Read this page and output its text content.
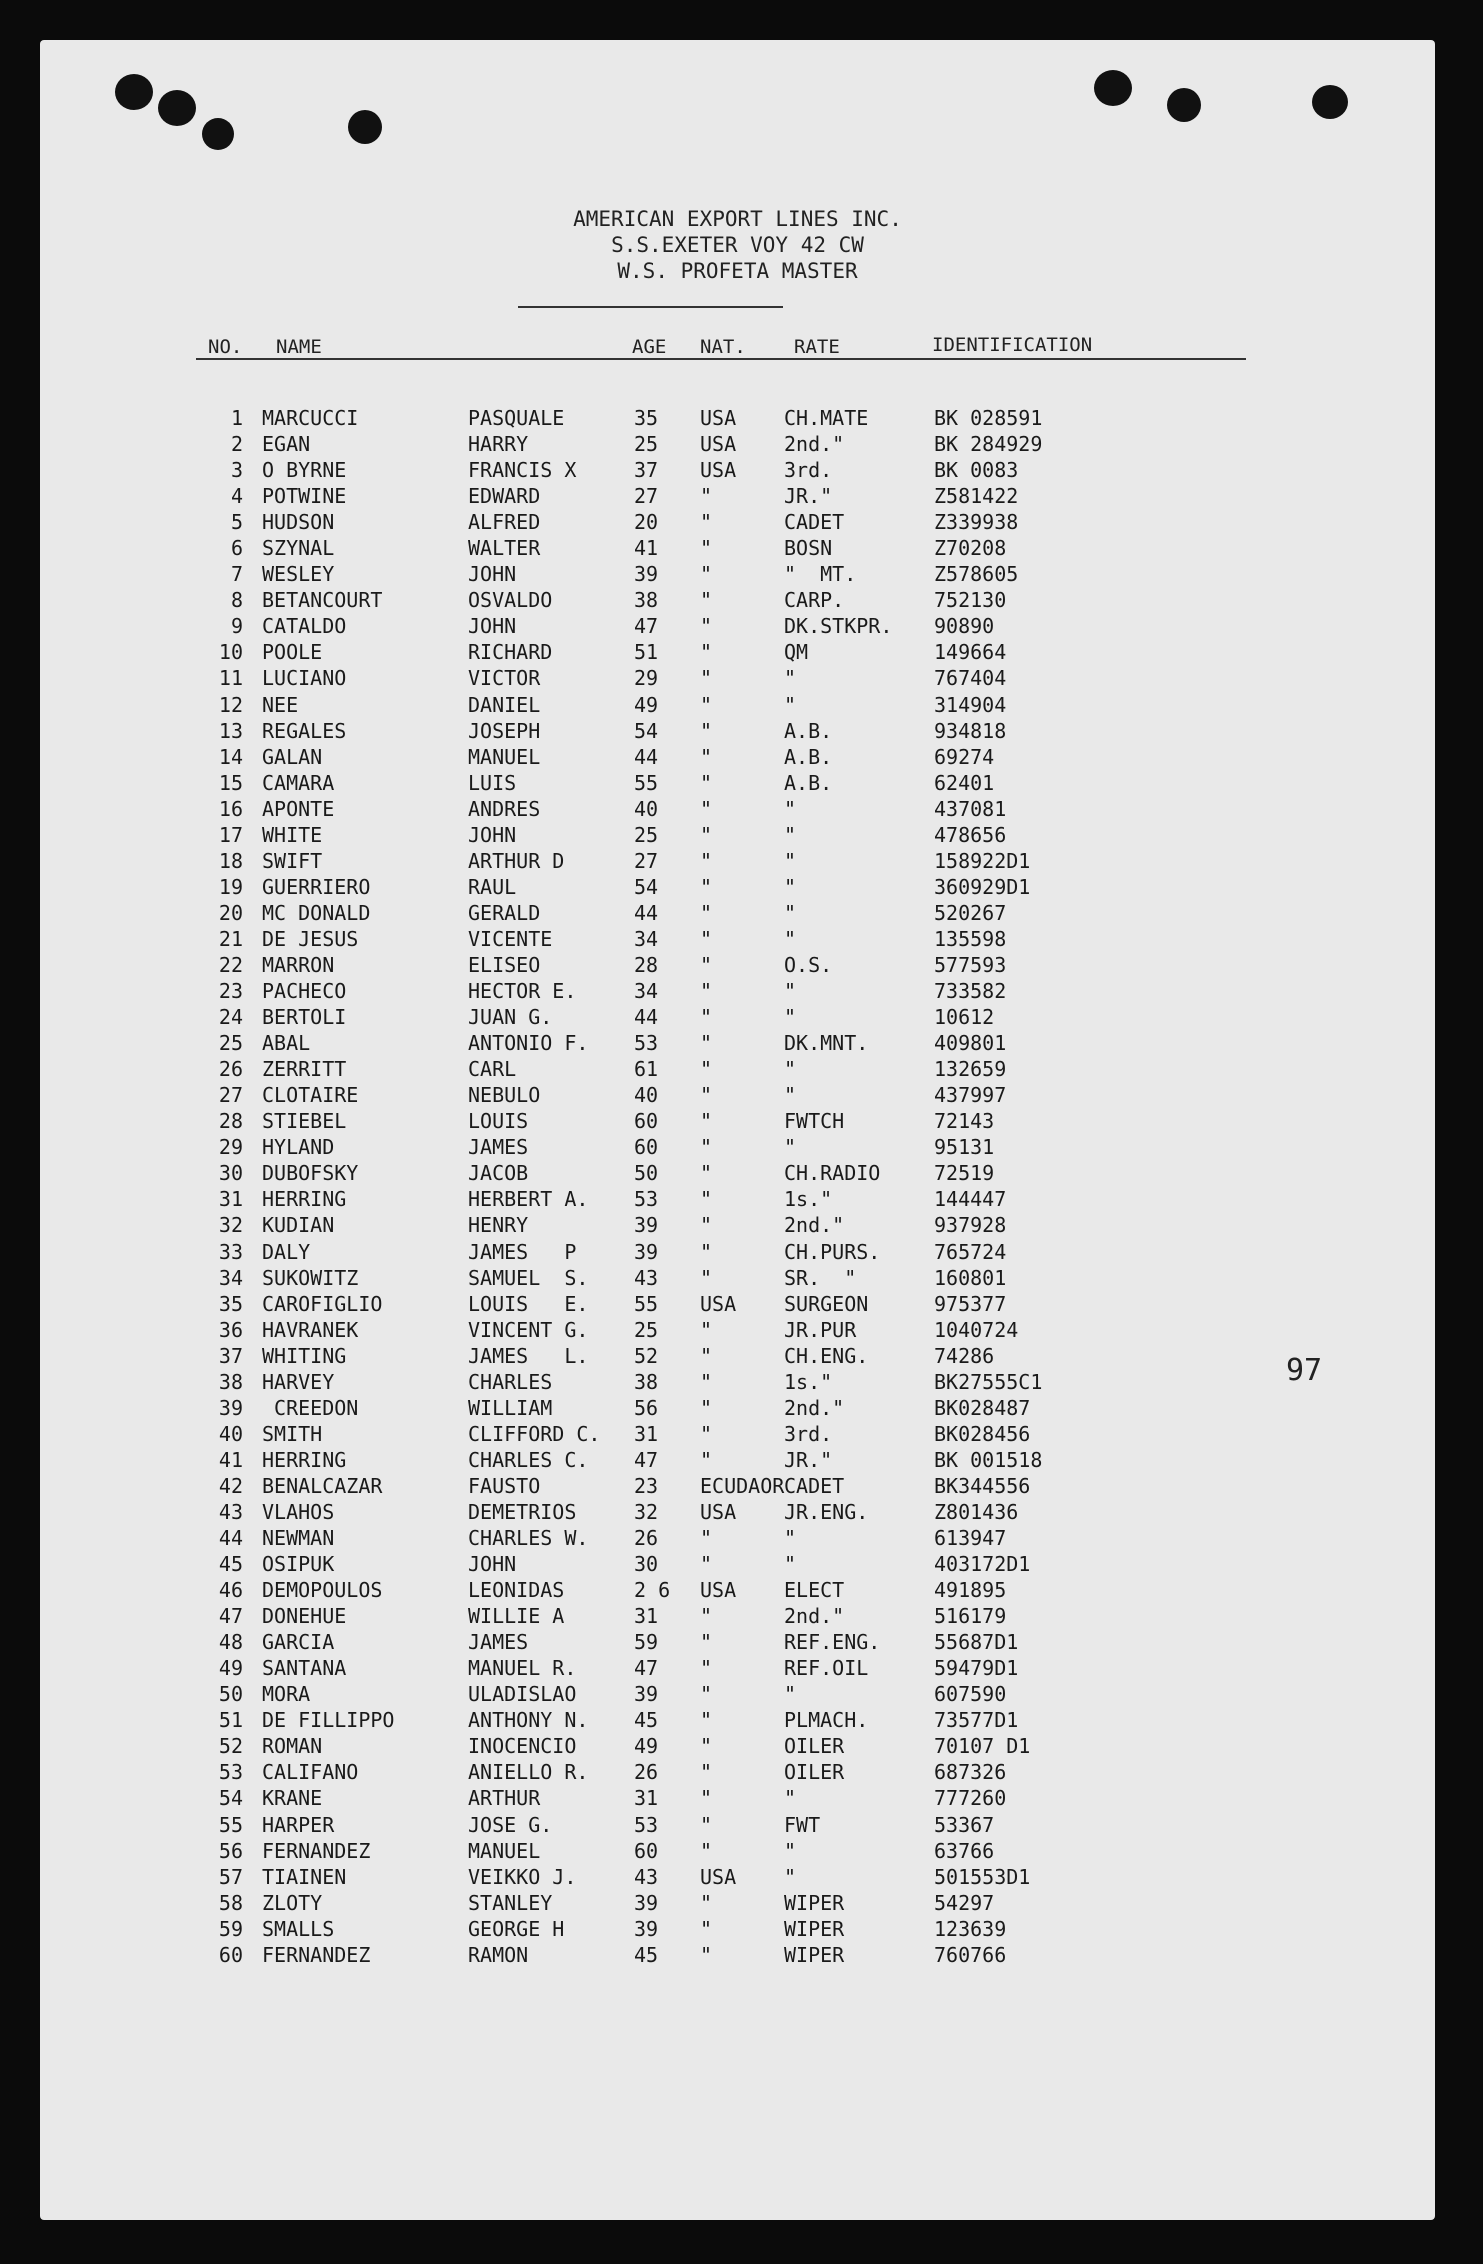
AMERICAN EXPORT LINES INC.
S.S.EXETER VOY 42 CW
W.S. PROFETA MASTER
NO. NAME	AGE NAT.	RATE	IDENTIFICATION
1 MARCUCCI	PASQUALE	35 USA CH.MATE	BK 028591
2 EGAN	HARRY	25 USA 2nd."	BK 284929
3 O BYRNE	FRANCIS X	37 USA 3rd.	BK 0083
4 POTWINE	EDWARD	27 "	JR."	Z581422
5 HUDSON	ALFRED	20 "	CADET	Z339938
6 SZYNAL	WALTER	41 "	BOSN	Z70208
7 WESLEY	JOHN	39 "	"  MT.	Z578605
8 BETANCOURT	OSVALDO	38 "	CARP.	752130
9 CATALDO	JOHN	47 "	DK.STKPR. 90890
10 POOLE	RICHARD	51 "	QM	149664
11 LUCIANO	VICTOR	29 "	"	767404
12 NEE	DANIEL	49 "	"	314904
13 REGALES	JOSEPH	54 "	A.B.	934818
14 GALAN	MANUEL	44 "	A.B.	69274
15 CAMARA	LUIS	55 "	A.B.	62401
16 APONTE	ANDRES	40 "	"	437081
17 WHITE	JOHN	25 "	"	478656
18 SWIFT	ARTHUR D	27 "	"	158922D1
19 GUERRIERO	RAUL	54 "	"	360929D1
20 MC DONALD	GERALD	44 "	"	520267
21 DE JESUS	VICENTE	34 "	"	135598
22 MARRON	ELISEO	28 "	O.S.	577593
23 PACHECO	HECTOR E.	34 "	"	733582
24 BERTOLI	JUAN G.	44 "	"	10612
25 ABAL	ANTONIO F. 53 "	DK.MNT.	409801
26 ZERRITT	CARL	61 "	"	132659
27 CLOTAIRE	NEBULO	40 "	"	437997
28 STIEBEL	LOUIS	60 "	FWTCH	72143
29 HYLAND	JAMES	60 "	"	95131
30 DUBOFSKY	JACOB	50 "	CH.RADIO	72519
31 HERRING	HERBERT A. 53 "	1s."	144447
32 KUDIAN	HENRY	39 "	2nd."	937928
33 DALY	JAMES   P	39 "	CH.PURS.	765724
34 SUKOWITZ	SAMUEL  S. 43 "	SR.  "	160801
35 CAROFIGLIO	LOUIS   E. 55 USA SURGEON	975377
36 HAVRANEK	VINCENT G. 25 "	JR.PUR	1040724
37 WHITING	JAMES   L. 52 "	CH.ENG.	74286
38 HARVEY	CHARLES	38 "	1s."	BK27555C1
39 CREEDON	WILLIAM	56 "	2nd."	BK028487
40 SMITH	CLIFFORD C. 31 "	3rd.	BK028456
41 HERRING	CHARLES C. 47 "	JR."	BK 001518
42 BENALCAZAR	FAUSTO	23 ECUDAOR CADET	BK344556
43 VLAHOS	DEMETRIOS	32 USA JR.ENG.	Z801436
44 NEWMAN	CHARLES W. 26 "	"	613947
45 OSIPUK	JOHN	30 "	"	403172D1
46 DEMOPOULOS	LEONIDAS	2 6 USA ELECT	491895
47 DONEHUE	WILLIE A	31 "	2nd."	516179
48 GARCIA	JAMES	59 "	REF.ENG.	55687D1
49 SANTANA	MANUEL R.	47 "	REF.OIL	59479D1
50 MORA	ULADISLAO	39 "	"	607590
51 DE FILLIPPO	ANTHONY N. 45 "	PLMACH.	73577D1
52 ROMAN	INOCENCIO	49 "	OILER	70107 D1
53 CALIFANO	ANIELLO R. 26 "	OILER	687326
54 KRANE	ARTHUR	31 "	"	777260
55 HARPER	JOSE G.	53 "	FWT	53367
56 FERNANDEZ	MANUEL	60 "	"	63766
57 TIAINEN	VEIKKO J.	43 USA "	501553D1
58 ZLOTY	STANLEY	39 "	WIPER	54297
59 SMALLS	GEORGE H	39 "	WIPER	123639
60 FERNANDEZ	RAMON	45 "	WIPER	760766
97
